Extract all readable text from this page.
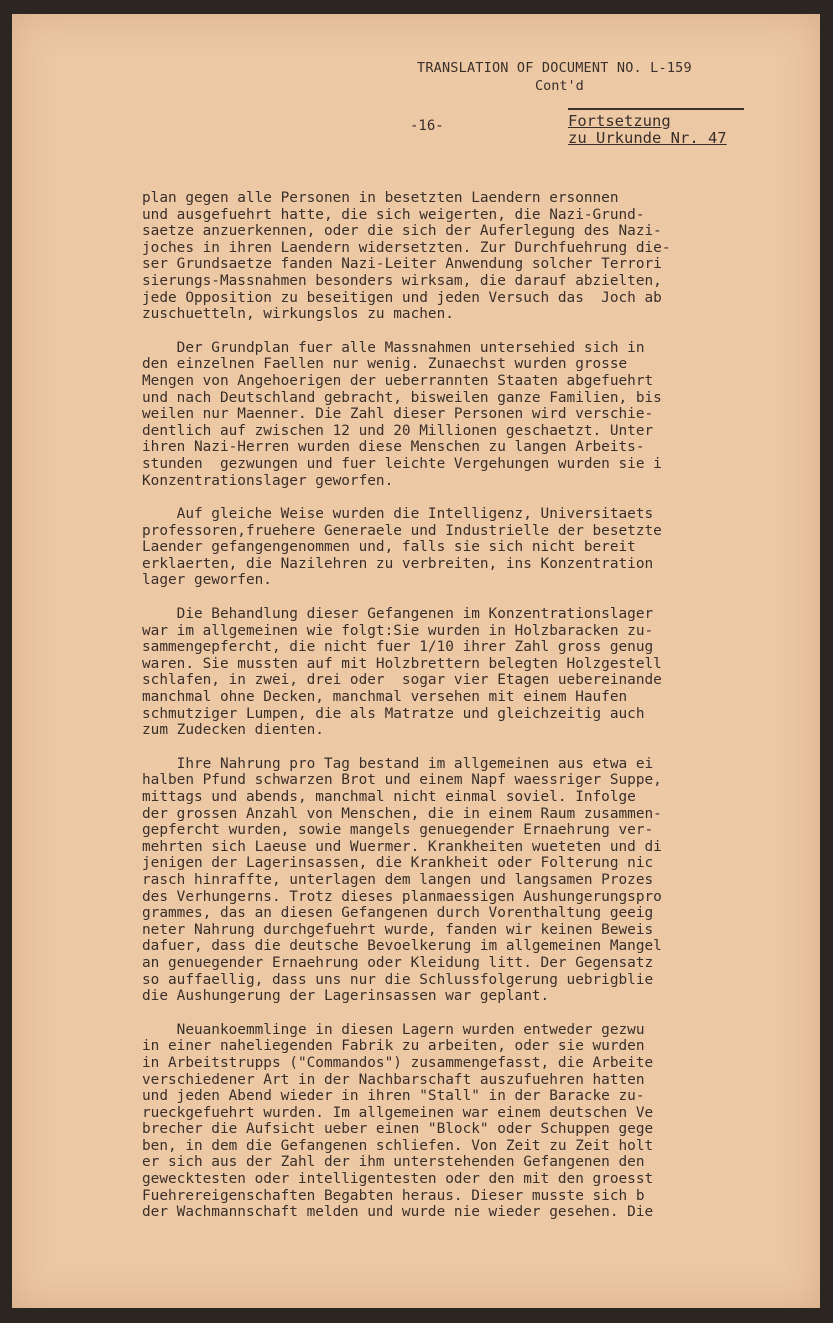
TRANSLATION OF DOCUMENT NO. L-159
Cont'd
-16-	Fortsetzung
zu Urkunde Nr. 47
plan gegen alle Personen in besetzten Laendern ersonnen
und ausgefuehrt hatte, die sich weigerten, die Nazi-Grund-
saetze anzuerkennen, oder die sich der Auferlegung des Nazi-
joches in ihren Laendern widersetzten. Zur Durchfuehrung die-
ser Grundsaetze fanden Nazi-Leiter Anwendung solcher Terrori
sierungs-Massnahmen besonders wirksam, die darauf abzielten,
jede Opposition zu beseitigen und jeden Versuch das  Joch ab
zuschuetteln, wirkungslos zu machen.
Der Grundplan fuer alle Massnahmen untersehied sich in
den einzelnen Faellen nur wenig. Zunaechst wurden grosse
Mengen von Angehoerigen der ueberrannten Staaten abgefuehrt
und nach Deutschland gebracht, bisweilen ganze Familien, bis
weilen nur Maenner. Die Zahl dieser Personen wird verschie-
dentlich auf zwischen 12 und 20 Millionen geschaetzt. Unter
ihren Nazi-Herren wurden diese Menschen zu langen Arbeits-
stunden  gezwungen und fuer leichte Vergehungen wurden sie i
Konzentrationslager geworfen.
Auf gleiche Weise wurden die Intelligenz, Universitaets
professoren,fruehere Generaele und Industrielle der besetzte
Laender gefangengenommen und, falls sie sich nicht bereit
erklaerten, die Nazilehren zu verbreiten, ins Konzentration
lager geworfen.
Die Behandlung dieser Gefangenen im Konzentrationslager
war im allgemeinen wie folgt:Sie wurden in Holzbaracken zu-
sammengepfercht, die nicht fuer 1/10 ihrer Zahl gross genug
waren. Sie mussten auf mit Holzbrettern belegten Holzgestell
schlafen, in zwei, drei oder  sogar vier Etagen uebereinande
manchmal ohne Decken, manchmal versehen mit einem Haufen
schmutziger Lumpen, die als Matratze und gleichzeitig auch
zum Zudecken dienten.
Ihre Nahrung pro Tag bestand im allgemeinen aus etwa ei
halben Pfund schwarzen Brot und einem Napf waessriger Suppe,
mittags und abends, manchmal nicht einmal soviel. Infolge
der grossen Anzahl von Menschen, die in einem Raum zusammen-
gepfercht wurden, sowie mangels genuegender Ernaehrung ver-
mehrten sich Laeuse und Wuermer. Krankheiten wueteten und di
jenigen der Lagerinsassen, die Krankheit oder Folterung nic
rasch hinraffte, unterlagen dem langen und langsamen Prozes
des Verhungerns. Trotz dieses planmaessigen Aushungerungspro
grammes, das an diesen Gefangenen durch Vorenthaltung geeig
neter Nahrung durchgefuehrt wurde, fanden wir keinen Beweis
dafuer, dass die deutsche Bevoelkerung im allgemeinen Mangel
an genuegender Ernaehrung oder Kleidung litt. Der Gegensatz
so auffaellig, dass uns nur die Schlussfolgerung uebrigblie
die Aushungerung der Lagerinsassen war geplant.
Neuankoemmlinge in diesen Lagern wurden entweder gezwu
in einer naheliegenden Fabrik zu arbeiten, oder sie wurden
in Arbeitstrupps ("Commandos") zusammengefasst, die Arbeite
verschiedener Art in der Nachbarschaft auszufuehren hatten
und jeden Abend wieder in ihren "Stall" in der Baracke zu-
rueckgefuehrt wurden. Im allgemeinen war einem deutschen Ve
brecher die Aufsicht ueber einen "Block" oder Schuppen gege
ben, in dem die Gefangenen schliefen. Von Zeit zu Zeit holt
er sich aus der Zahl der ihm unterstehenden Gefangenen den
gewecktesten oder intelligentesten oder den mit den groesst
Fuehrereigenschaften Begabten heraus. Dieser musste sich b
der Wachmannschaft melden und wurde nie wieder gesehen. Die
